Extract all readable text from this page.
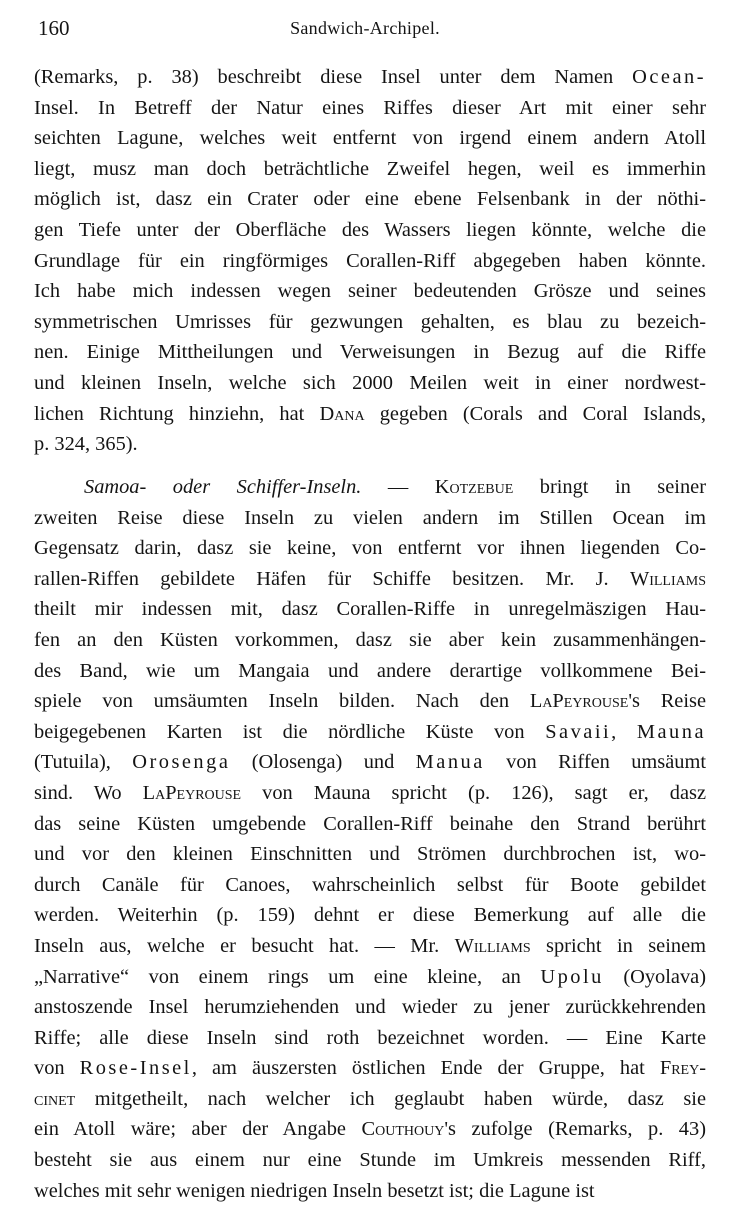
160	Sandwich-Archipel.
(Remarks, p. 38) beschreibt diese Insel unter dem Namen Ocean-
Insel. In Betreff der Natur eines Riffes dieser Art mit einer sehr
seichten Lagune, welches weit entfernt von irgend einem andern Atoll
liegt, musz man doch beträchtliche Zweifel hegen, weil es immerhin
möglich ist, dasz ein Crater oder eine ebene Felsenbank in der nöthi-
gen Tiefe unter der Oberfläche des Wassers liegen könnte, welche die
Grundlage für ein ringförmiges Corallen-Riff abgegeben haben könnte.
Ich habe mich indessen wegen seiner bedeutenden Grösze und seines
symmetrischen Umrisses für gezwungen gehalten, es blau zu bezeich-
nen. Einige Mittheilungen und Verweisungen in Bezug auf die Riffe
und kleinen Inseln, welche sich 2000 Meilen weit in einer nordwest-
lichen Richtung hinziehn, hat Dana gegeben (Corals and Coral Islands,
p. 324, 365).
Samoa- oder Schiffer-Inseln. — Kotzebue bringt in seiner
zweiten Reise diese Inseln zu vielen andern im Stillen Ocean im
Gegensatz darin, dasz sie keine, von entfernt vor ihnen liegenden Co-
rallen-Riffen gebildete Häfen für Schiffe besitzen. Mr. J. Williams
theilt mir indessen mit, dasz Corallen-Riffe in unregelmäszigen Hau-
fen an den Küsten vorkommen, dasz sie aber kein zusammenhängen-
des Band, wie um Mangaia und andere derartige vollkommene Bei-
spiele von umsäumten Inseln bilden. Nach den LaPeyrouse's Reise
beigegebenen Karten ist die nördliche Küste von Savaii, Mauna
(Tutuila), Orosenga (Olosenga) und Manua von Riffen umsäumt
sind. Wo LaPeyrouse von Mauna spricht (p. 126), sagt er, dasz
das seine Küsten umgebende Corallen-Riff beinahe den Strand berührt
und vor den kleinen Einschnitten und Strömen durchbrochen ist, wo-
durch Canäle für Canoes, wahrscheinlich selbst für Boote gebildet
werden. Weiterhin (p. 159) dehnt er diese Bemerkung auf alle die
Inseln aus, welche er besucht hat. — Mr. Williams spricht in seinem
„Narrative“ von einem rings um eine kleine, an Upolu (Oyolava)
anstoszende Insel herumziehenden und wieder zu jener zurückkehrenden
Riffe; alle diese Inseln sind roth bezeichnet worden. — Eine Karte
von Rose-Insel, am äuszersten östlichen Ende der Gruppe, hat Frey-
cinet mitgetheilt, nach welcher ich geglaubt haben würde, dasz sie
ein Atoll wäre; aber der Angabe Couthouy's zufolge (Remarks, p. 43)
besteht sie aus einem nur eine Stunde im Umkreis messenden Riff,
welches mit sehr wenigen niedrigen Inseln besetzt ist; die Lagune ist
